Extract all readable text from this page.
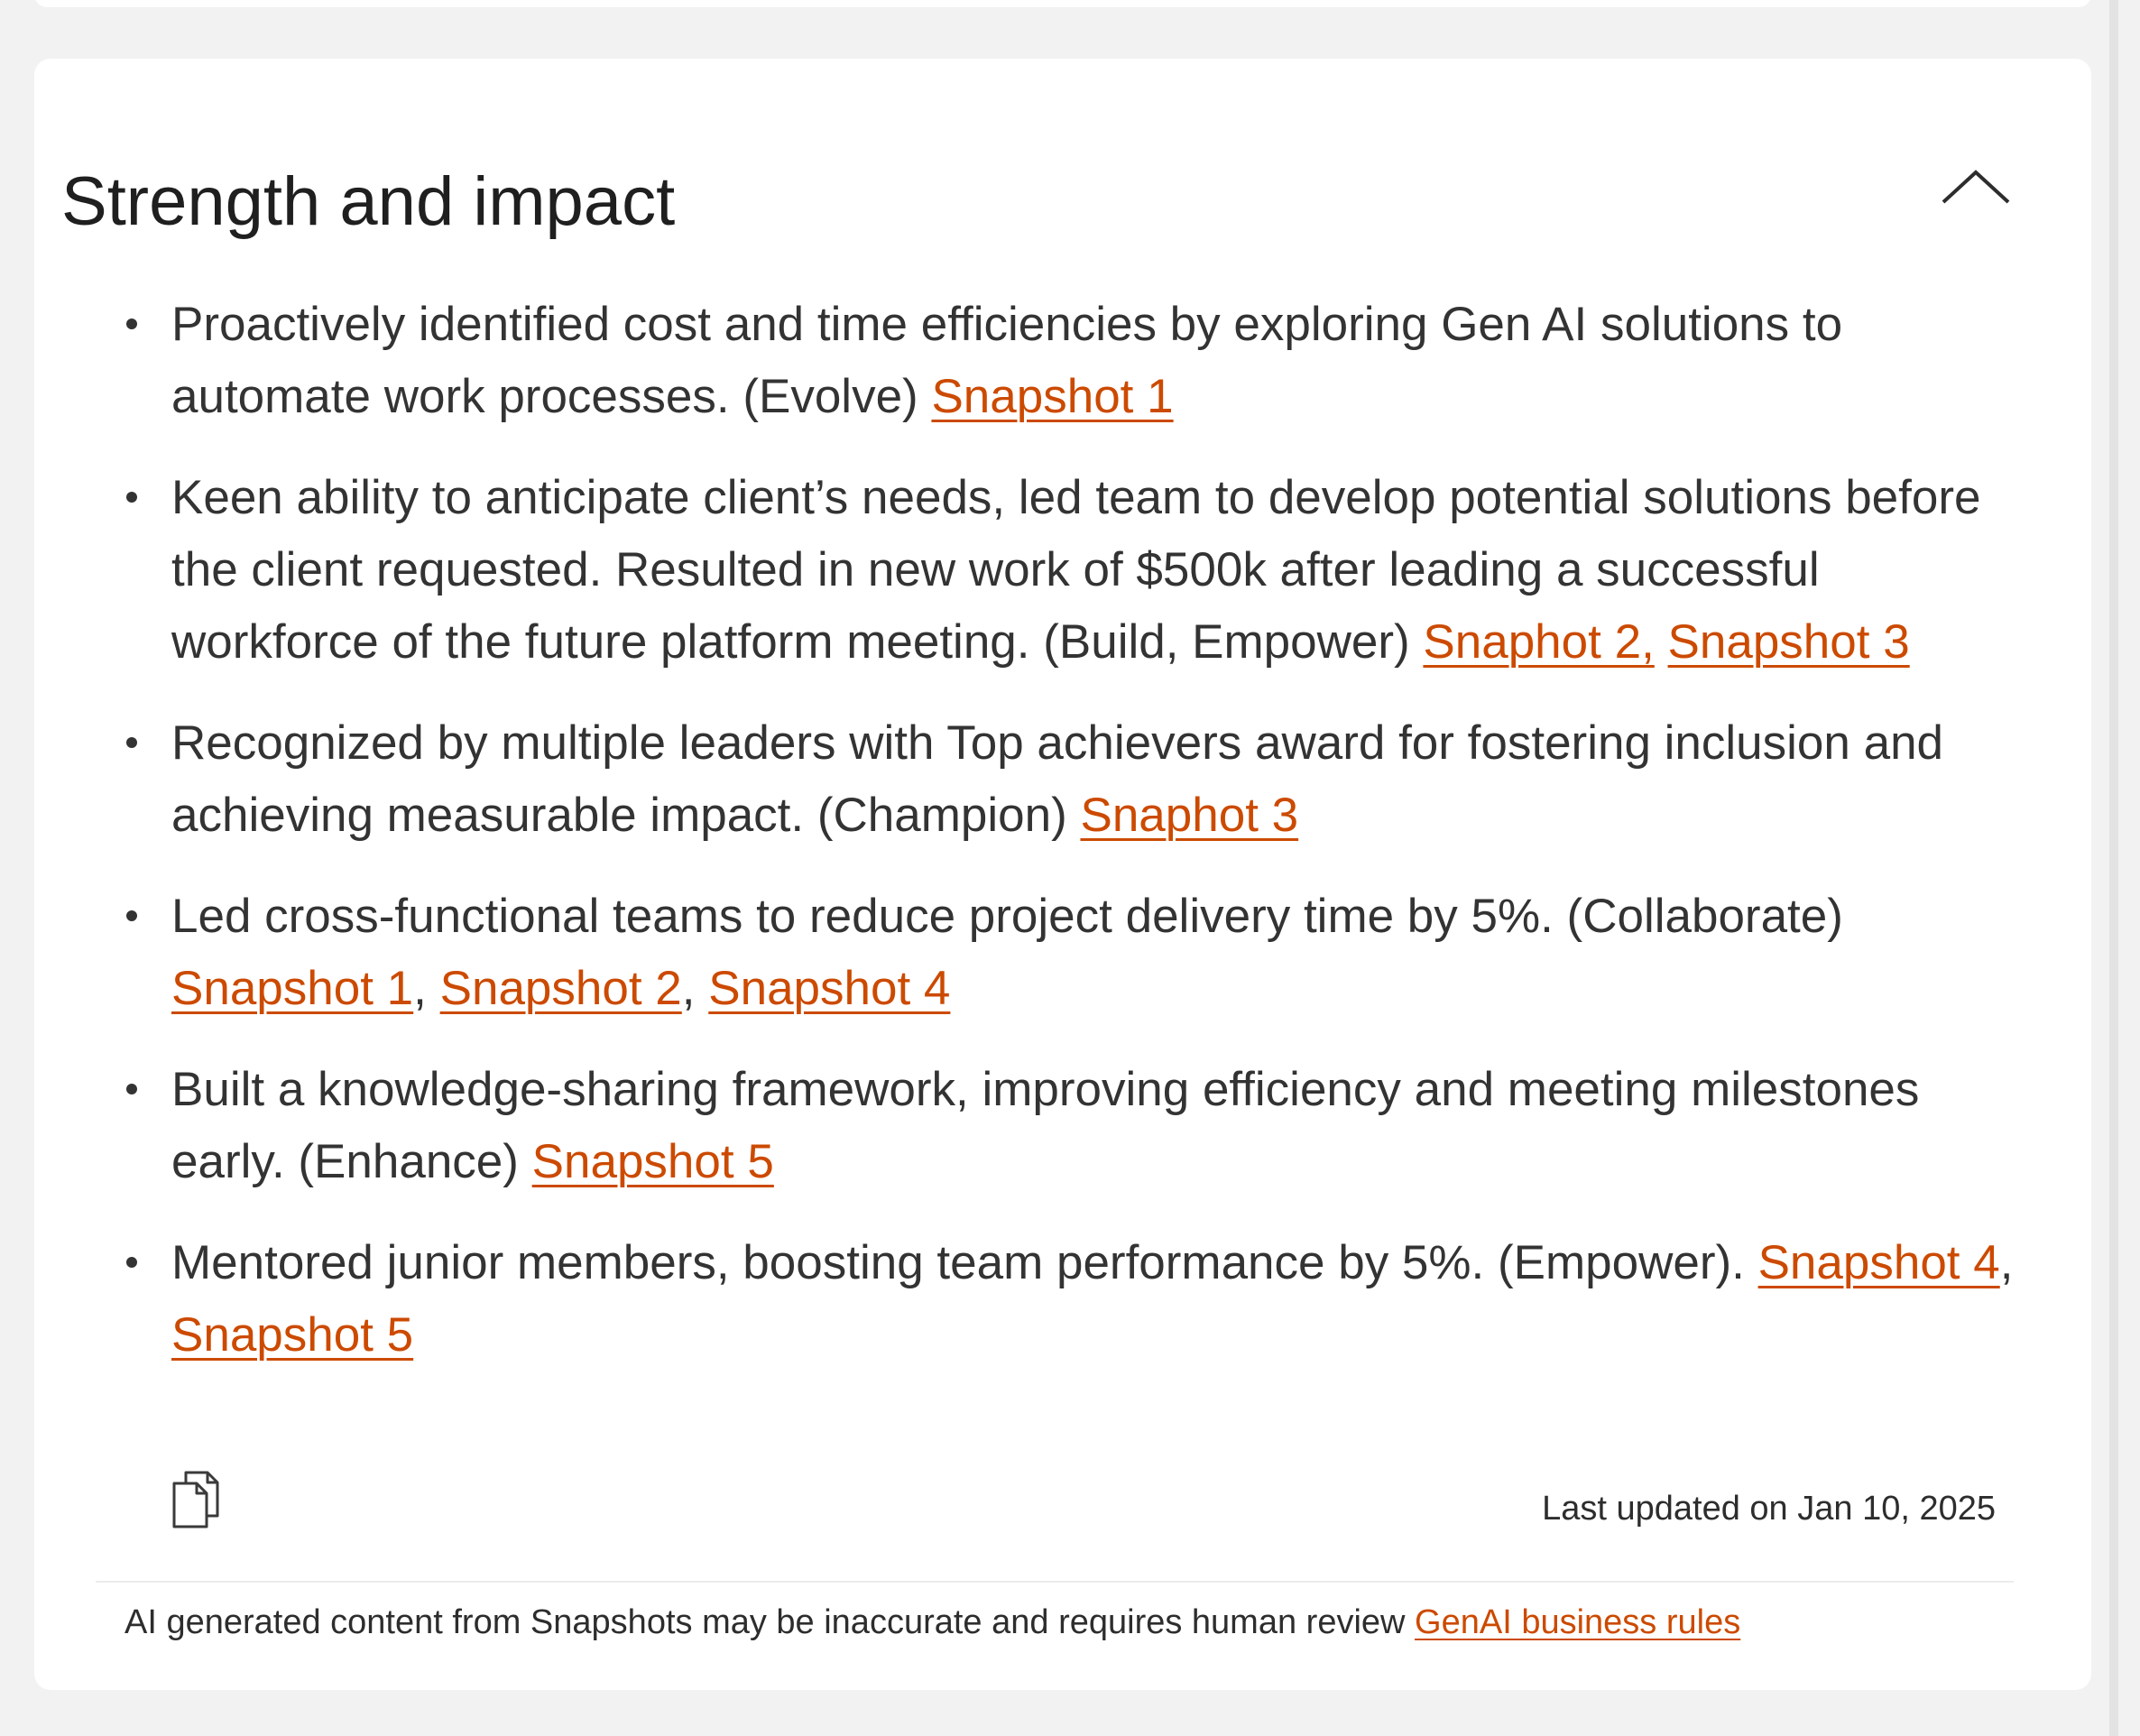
Strength and impact
Proactively identified cost and time efficiencies by exploring Gen AI solutions to automate work processes. (Evolve) Snapshot 1
Keen ability to anticipate client’s needs, led team to develop potential solutions before the client requested. Resulted in new work of $500k after leading a successful workforce of the future platform meeting. (Build, Empower) Snaphot 2, Snapshot 3
Recognized by multiple leaders with Top achievers award for fostering inclusion and achieving measurable impact. (Champion) Snaphot 3
Led cross-functional teams to reduce project delivery time by 5%. (Collaborate) Snapshot 1, Snapshot 2, Snapshot 4
Built a knowledge-sharing framework, improving efficiency and meeting milestones early. (Enhance) Snapshot 5
Mentored junior members, boosting team performance by 5%. (Empower). Snapshot 4, Snapshot 5
Last updated on Jan 10, 2025
AI generated content from Snapshots may be inaccurate and requires human review GenAI business rules
